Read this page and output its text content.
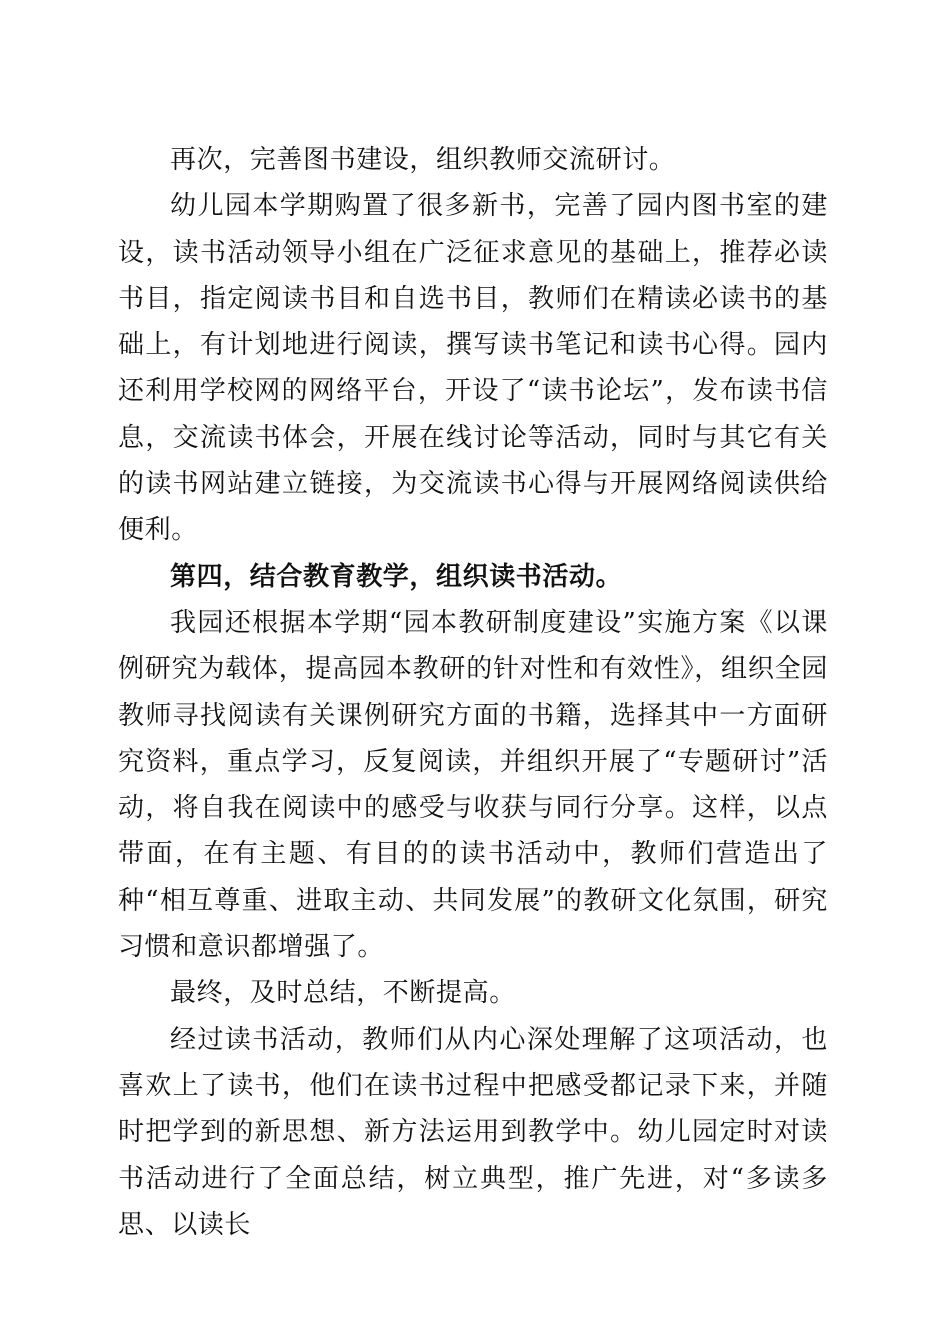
再次，完善图书建设，组织教师交流研讨。

幼儿园本学期购置了很多新书，完善了园内图书室的建设，读书活动领导小组在广泛征求意见的基础上，推荐必读书目，指定阅读书目和自选书目，教师们在精读必读书的基础上，有计划地进行阅读，撰写读书笔记和读书心得。园内还利用学校网的网络平台，开设了“读书论坛”，发布读书信息，交流读书体会，开展在线讨论等活动，同时与其它有关的读书网站建立链接，为交流读书心得与开展网络阅读供给便利。

第四，结合教育教学，组织读书活动。

我园还根据本学期“园本教研制度建设”实施方案《以课例研究为载体，提高园本教研的针对性和有效性》，组织全园教师寻找阅读有关课例研究方面的书籍，选择其中一方面研究资料，重点学习，反复阅读，并组织开展了“专题研讨”活动，将自我在阅读中的感受与收获与同行分享。这样，以点带面，在有主题、有目的的读书活动中，教师们营造出了种“相互尊重、进取主动、共同发展”的教研文化氛围，研究习惯和意识都增强了。

最终，及时总结，不断提高。

经过读书活动，教师们从内心深处理解了这项活动，也喜欢上了读书，他们在读书过程中把感受都记录下来，并随时把学到的新思想、新方法运用到教学中。幼儿园定时对读书活动进行了全面总结，树立典型，推广先进，对“多读多思、以读长
